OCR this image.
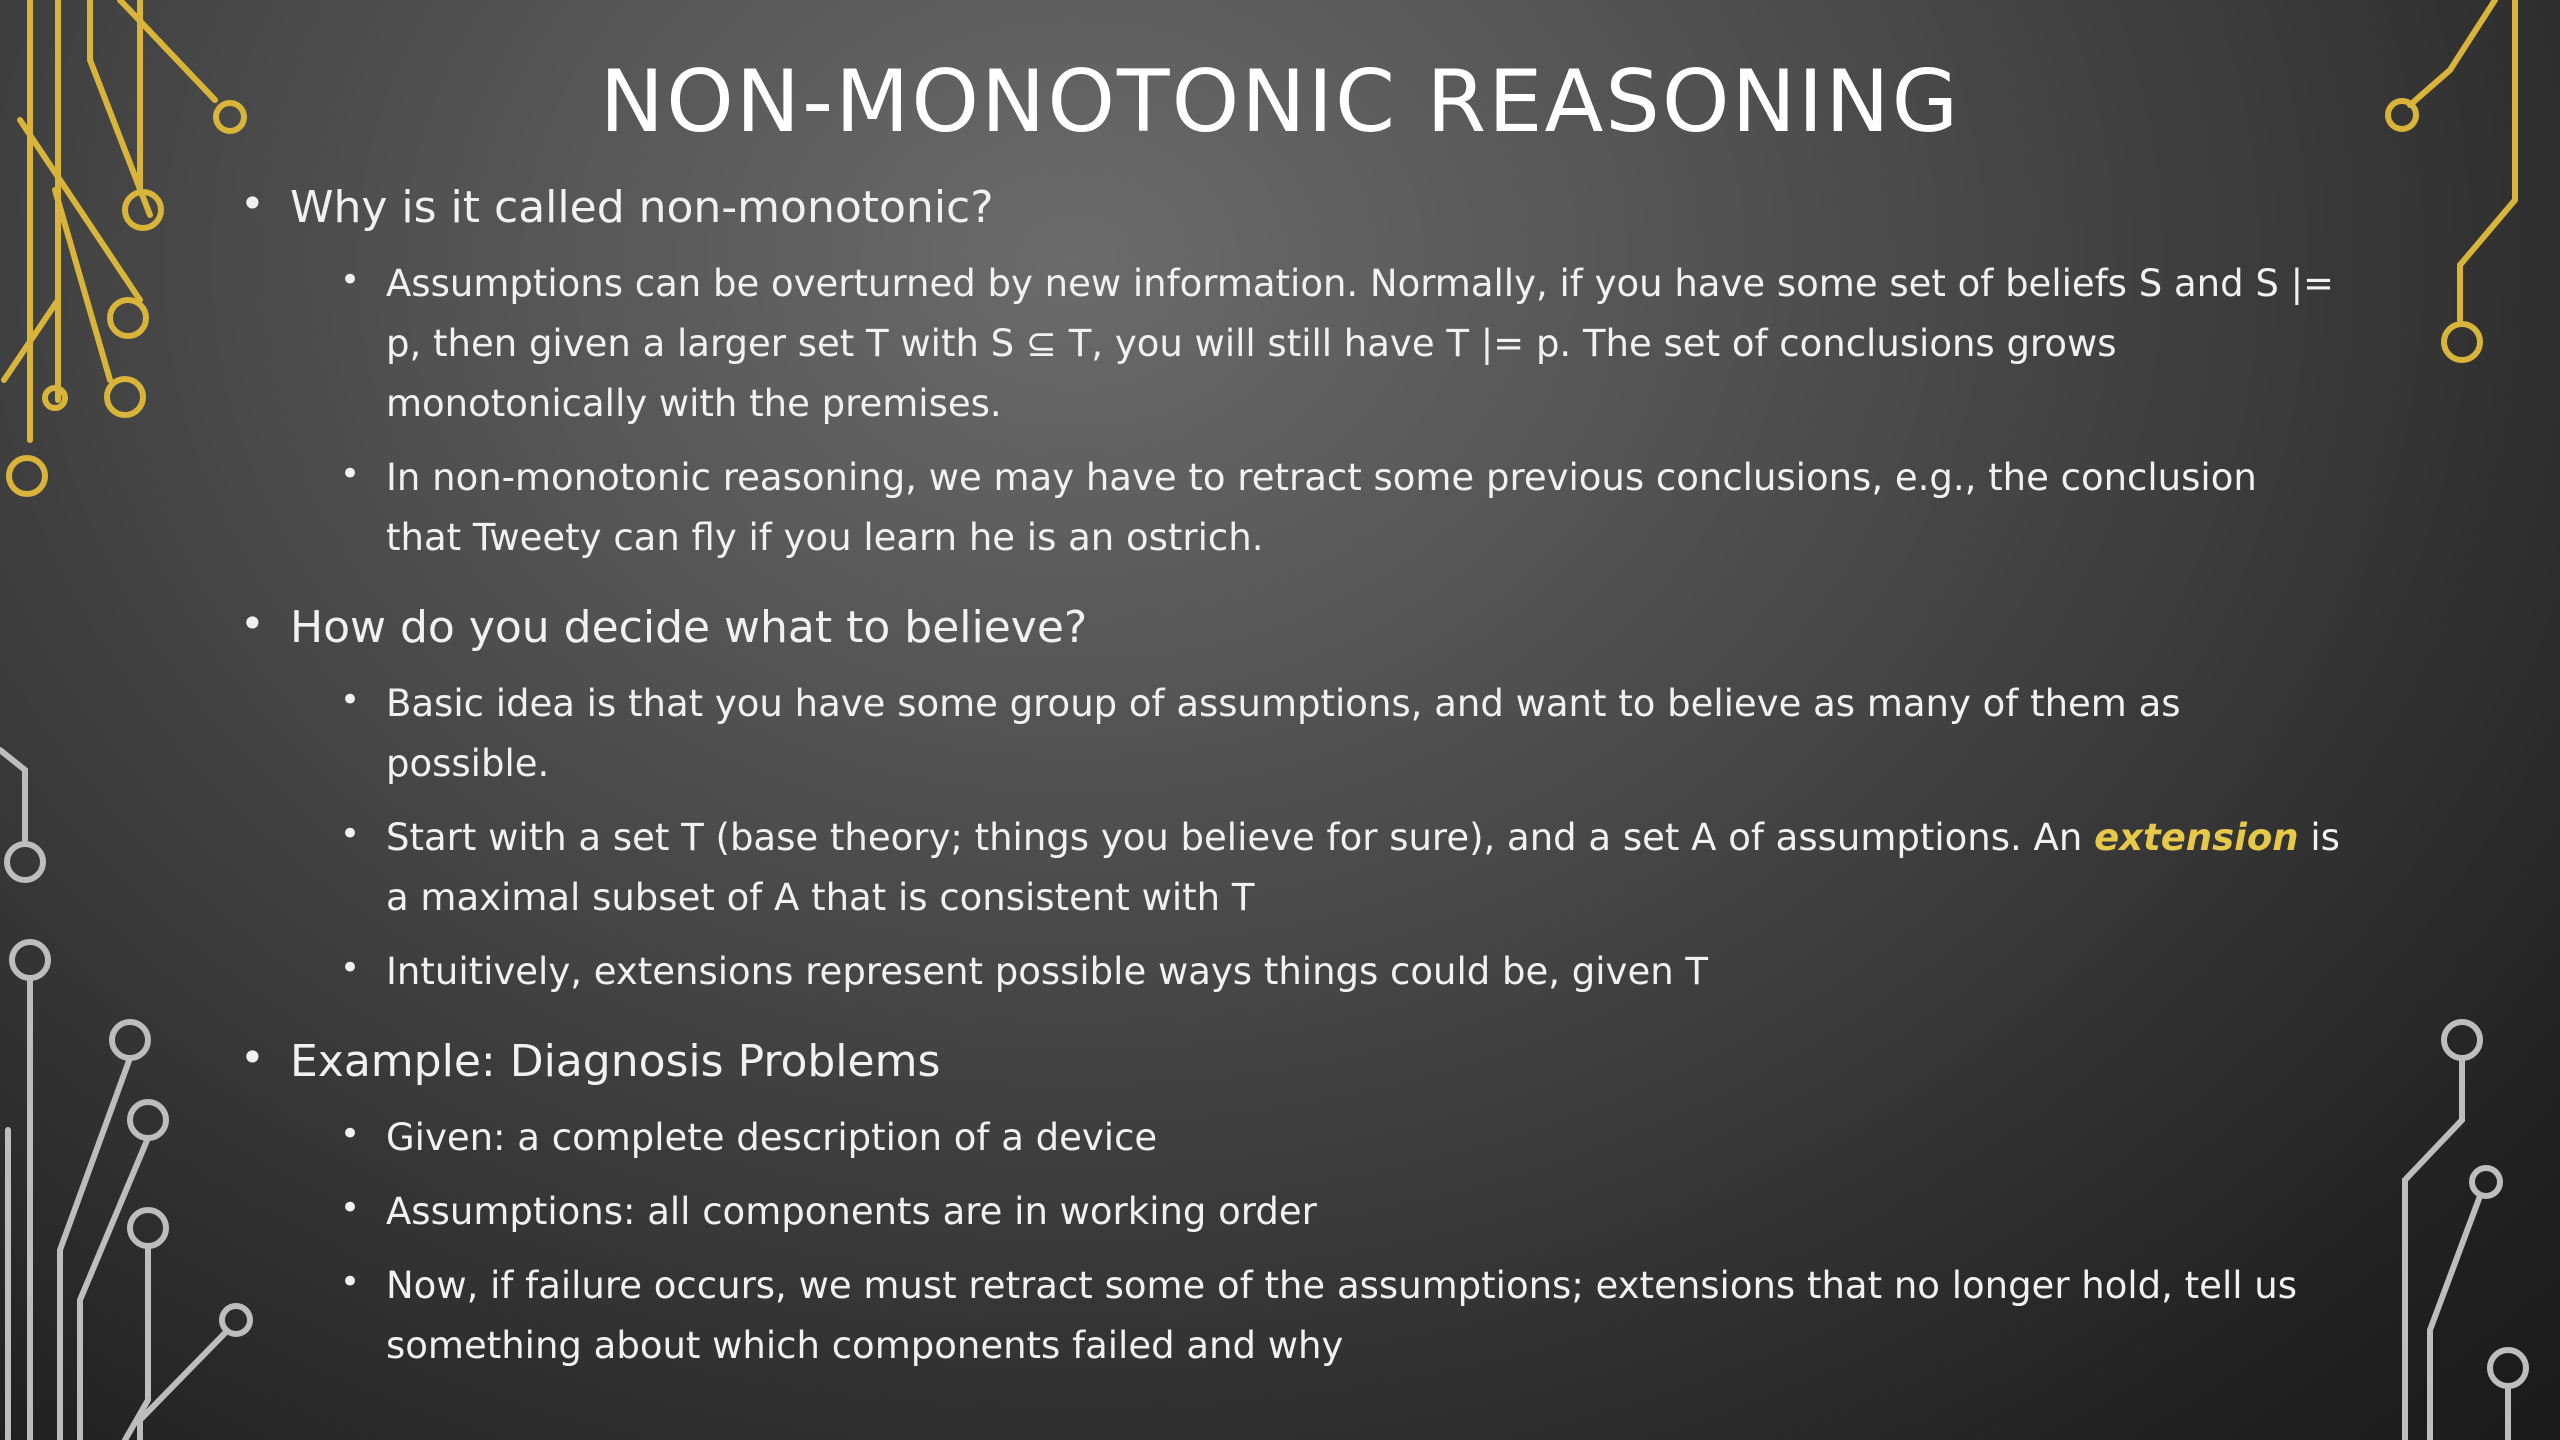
NON-MONOTONIC REASONING
• Why is it called non-monotonic?
• Assumptions can be overturned by new information. Normally, if you have some set of beliefs S and S |= p, then given a larger set T with S ⊆ T, you will still have T |= p. The set of conclusions grows monotonically with the premises.
• In non-monotonic reasoning, we may have to retract some previous conclusions, e.g., the conclusion that Tweety can fly if you learn he is an ostrich.
• How do you decide what to believe?
• Basic idea is that you have some group of assumptions, and want to believe as many of them as possible.
• Start with a set T (base theory; things you believe for sure), and a set A of assumptions. An extension is a maximal subset of A that is consistent with T
• Intuitively, extensions represent possible ways things could be, given T
• Example: Diagnosis Problems
• Given: a complete description of a device
• Assumptions: all components are in working order
• Now, if failure occurs, we must retract some of the assumptions; extensions that no longer hold, tell us something about which components failed and why
